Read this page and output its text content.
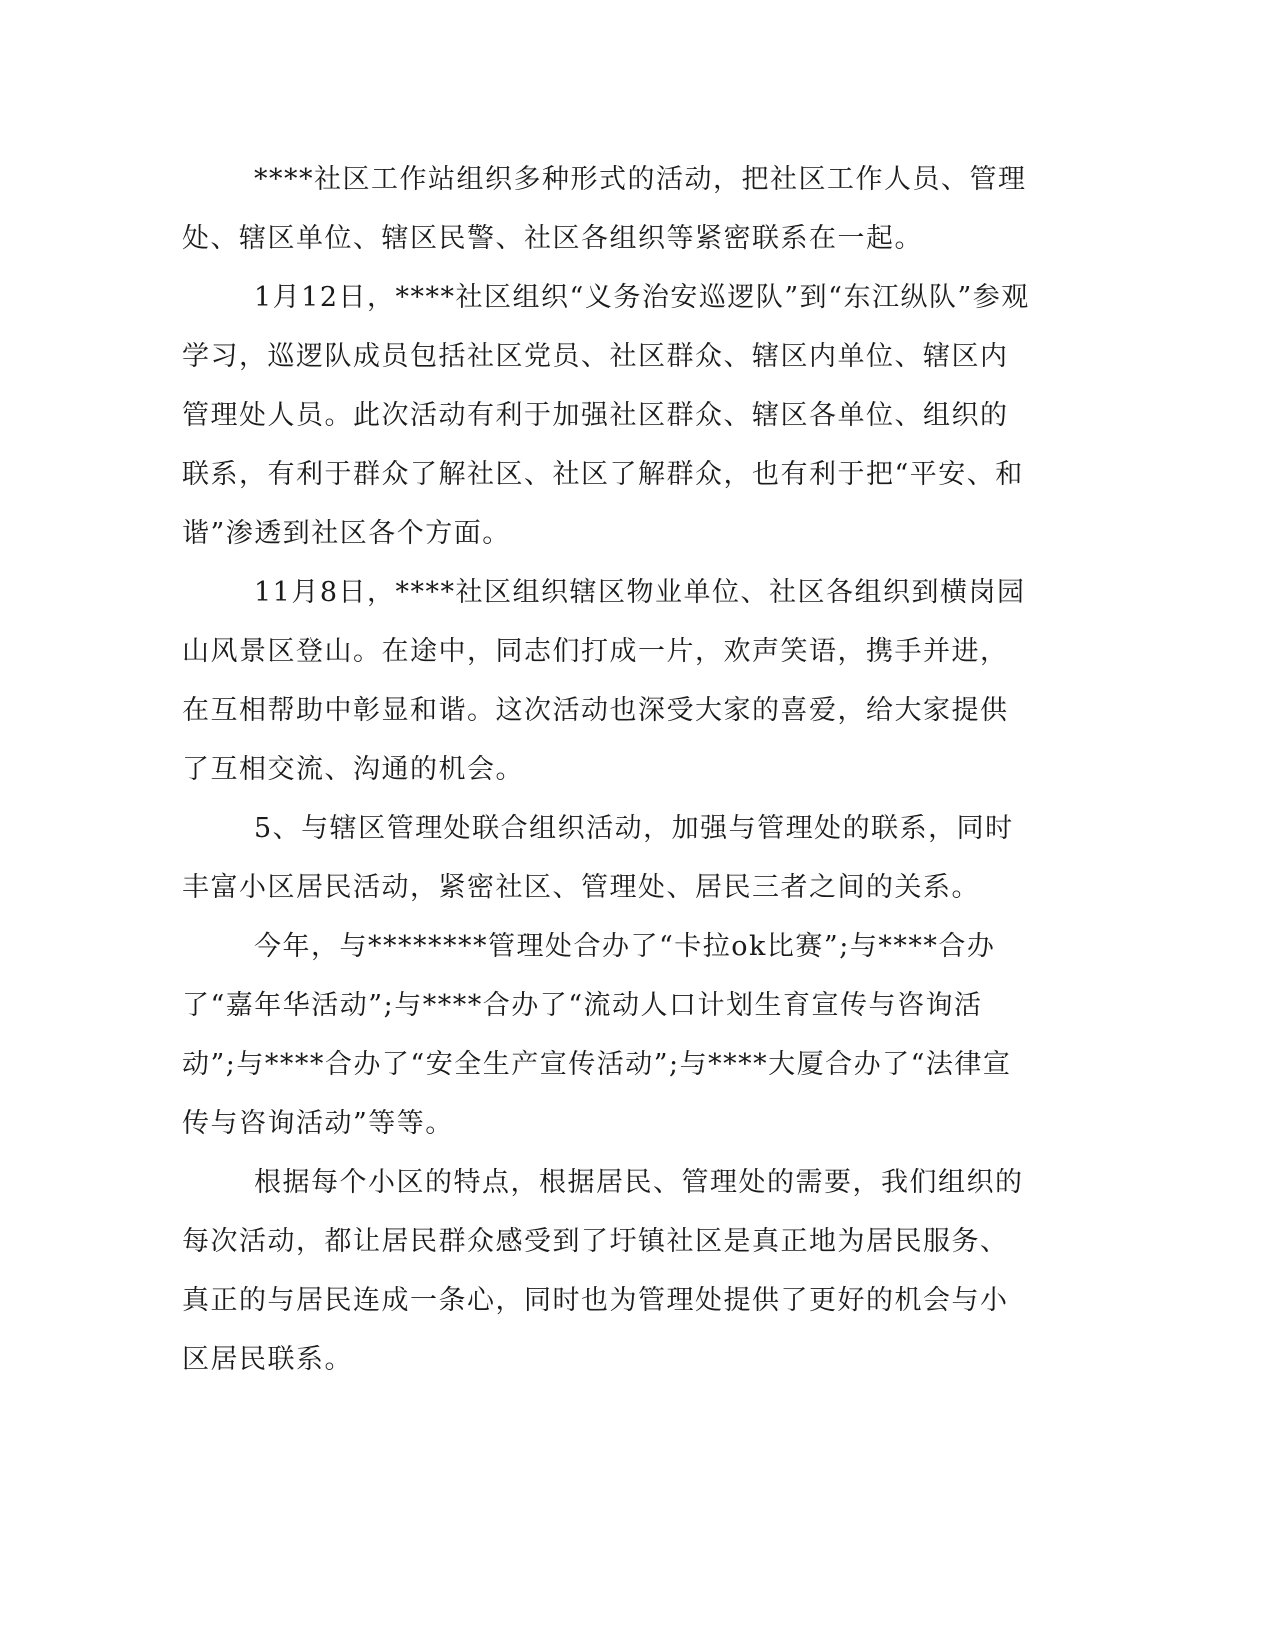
****社区工作站组织多种形式的活动，把社区工作人员、管理处、辖区单位、辖区民警、社区各组织等紧密联系在一起。

1月12日，****社区组织“义务治安巡逻队”到“东江纵队”参观学习，巡逻队成员包括社区党员、社区群众、辖区内单位、辖区内管理处人员。此次活动有利于加强社区群众、辖区各单位、组织的联系，有利于群众了解社区、社区了解群众，也有利于把“平安、和谐”渗透到社区各个方面。

11月8日，****社区组织辖区物业单位、社区各组织到横岗园山风景区登山。在途中，同志们打成一片，欢声笑语，携手并进，在互相帮助中彰显和谐。这次活动也深受大家的喜爱，给大家提供了互相交流、沟通的机会。

5、与辖区管理处联合组织活动，加强与管理处的联系，同时丰富小区居民活动，紧密社区、管理处、居民三者之间的关系。

今年，与********管理处合办了“卡拉ok比赛”;与****合办了“嘉年华活动”;与****合办了“流动人口计划生育宣传与咨询活动”;与****合办了“安全生产宣传活动”;与****大厦合办了“法律宣传与咨询活动”等等。

根据每个小区的特点，根据居民、管理处的需要，我们组织的每次活动，都让居民群众感受到了圩镇社区是真正地为居民服务、真正的与居民连成一条心，同时也为管理处提供了更好的机会与小区居民联系。
